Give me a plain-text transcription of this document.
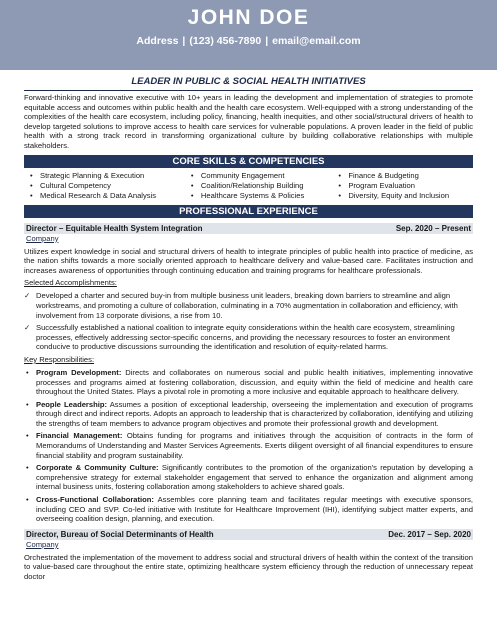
JOHN DOE
Address | (123) 456-7890 | email@email.com
LEADER IN PUBLIC & SOCIAL HEALTH INITIATIVES
Forward-thinking and innovative executive with 10+ years in leading the development and implementation of strategies to promote equitable access and outcomes within public health and the health care ecosystem. Well-equipped with a strong understanding of the complexities of the health care ecosystem, including policy, financing, health inequities, and other social/structural drivers of health to develop targeted solutions to improve access to health care services for vulnerable populations. A proven leader in the field of public health with a strong track record in transforming organizational culture by building collaborative relationships with multiple stakeholders.
CORE SKILLS & COMPETENCIES
• Strategic Planning & Execution	• Community Engagement	• Finance & Budgeting
• Cultural Competency	• Coalition/Relationship Building	• Program Evaluation
• Medical Research & Data Analysis	• Healthcare Systems & Policies	• Diversity, Equity and Inclusion
PROFESSIONAL EXPERIENCE
Director – Equitable Health System Integration	Sep. 2020 – Present
Company
Utilizes expert knowledge in social and structural drivers of health to integrate principles of public health into practice of medicine, as the nation shifts towards a more socially oriented approach to healthcare delivery and value-based care. Facilitates instruction and increases awareness of opportunities through continuing education and training programs for healthcare professionals.
Selected Accomplishments:
✓ Developed a charter and secured buy-in from multiple business unit leaders, breaking down barriers to streamline and align workstreams, and promoting a culture of collaboration, culminating in a 70% augmentation in collaboration and efficiency, with involvement from 13 corporate divisions, a rise from 10.
✓ Successfully established a national coalition to integrate equity considerations within the health care ecosystem, streamlining processes, effectively addressing sector-specific concerns, and providing the necessary resources to foster an environment conducive to productive discussions surrounding the identification and resolution of equity-related harms.
Key Responsibilities:
• Program Development: Directs and collaborates on numerous social and public health initiatives, implementing innovative processes and programs aimed at fostering collaboration, discussion, and equity within the field of medicine and health care throughout the United States. Plays a pivotal role in promoting a more inclusive and equitable approach to healthcare delivery.
• People Leadership: Assumes a position of exceptional leadership, overseeing the implementation and execution of programs through direct and indirect reports. Adopts an approach to leadership that is characterized by collaboration, identifying and utilizing the strengths of team members to advance program objectives and promote their professional growth and development.
• Financial Management: Obtains funding for programs and initiatives through the acquisition of contracts in the form of Memorandums of Understanding and Master Services Agreements. Exerts diligent oversight of all financial expenditures to ensure financial stability and program sustainability.
• Corporate & Community Culture: Significantly contributes to the promotion of the organization's reputation by developing a comprehensive strategy for external stakeholder engagement that served to enhance the organization and alignment among internal business units, fostering collaboration among stakeholders to achieve shared goals.
• Cross-Functional Collaboration: Assembles core planning team and facilitates regular meetings with executive sponsors, including CEO and SVP. Co-led initiative with Institute for Healthcare Improvement (IHI), identifying subject matter experts, and overseeing coalition design, planning, and execution.
Director, Bureau of Social Determinants of Health	Dec. 2017 – Sep. 2020
Company
Orchestrated the implementation of the movement to address social and structural drivers of health within the context of the transition to value-based care throughout the entire state, optimizing healthcare system efficiency through the reduction of unnecessary repeat doctor
